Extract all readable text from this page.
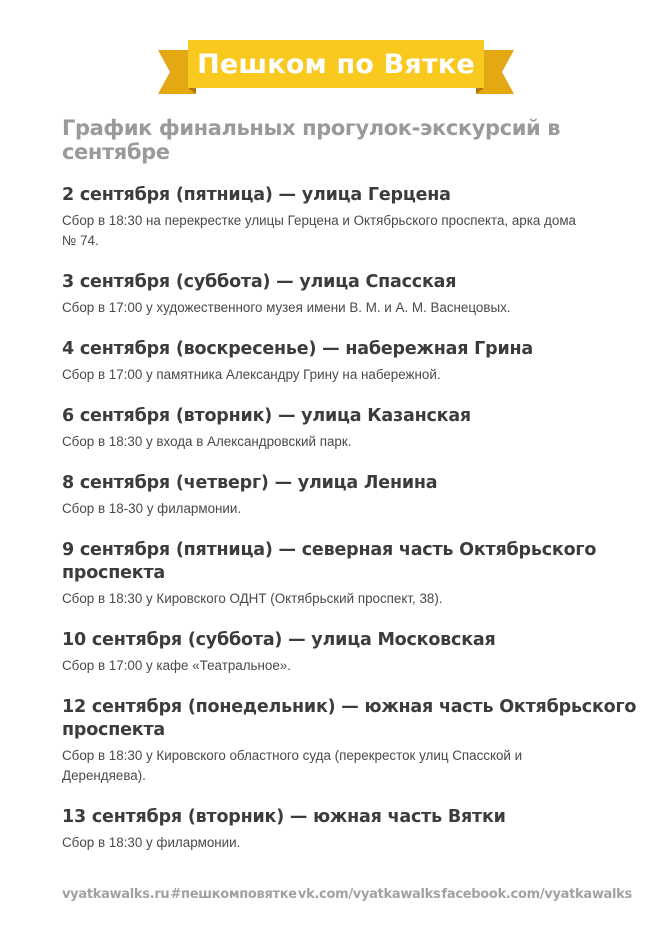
Пешком по Вятке
График финальных прогулок-экскурсий в сентябре
2 сентября (пятница) — улица Герцена
Сбор в 18:30 на перекрестке улицы Герцена и Октябрьского проспекта, арка дома № 74.
3 сентября (суббота) — улица Спасская
Сбор в 17:00 у художественного музея имени В. М. и А. М. Васнецовых.
4 сентября (воскресенье) — набережная Грина
Сбор в 17:00 у памятника Александру Грину на набережной.
6 сентября (вторник) — улица Казанская
Сбор в 18:30 у входа в Александровский парк.
8 сентября (четверг) — улица Ленина
Сбор в 18-30 у филармонии.
9 сентября (пятница) — северная часть Октябрьского проспекта
Сбор в 18:30 у Кировского ОДНТ (Октябрьский проспект, 38).
10 сентября (суббота) — улица Московская
Сбор в 17:00 у кафе «Театральное».
12 сентября (понедельник) — южная часть Октябрьского проспекта
Сбор в 18:30 у Кировского областного суда (перекресток улиц Спасской и Дерендяева).
13 сентября (вторник) — южная часть Вятки
Сбор в 18:30 у филармонии.
vyatkawalks.ru #пешкомповятке vk.com/vyatkawalks facebook.com/vyatkawalks
